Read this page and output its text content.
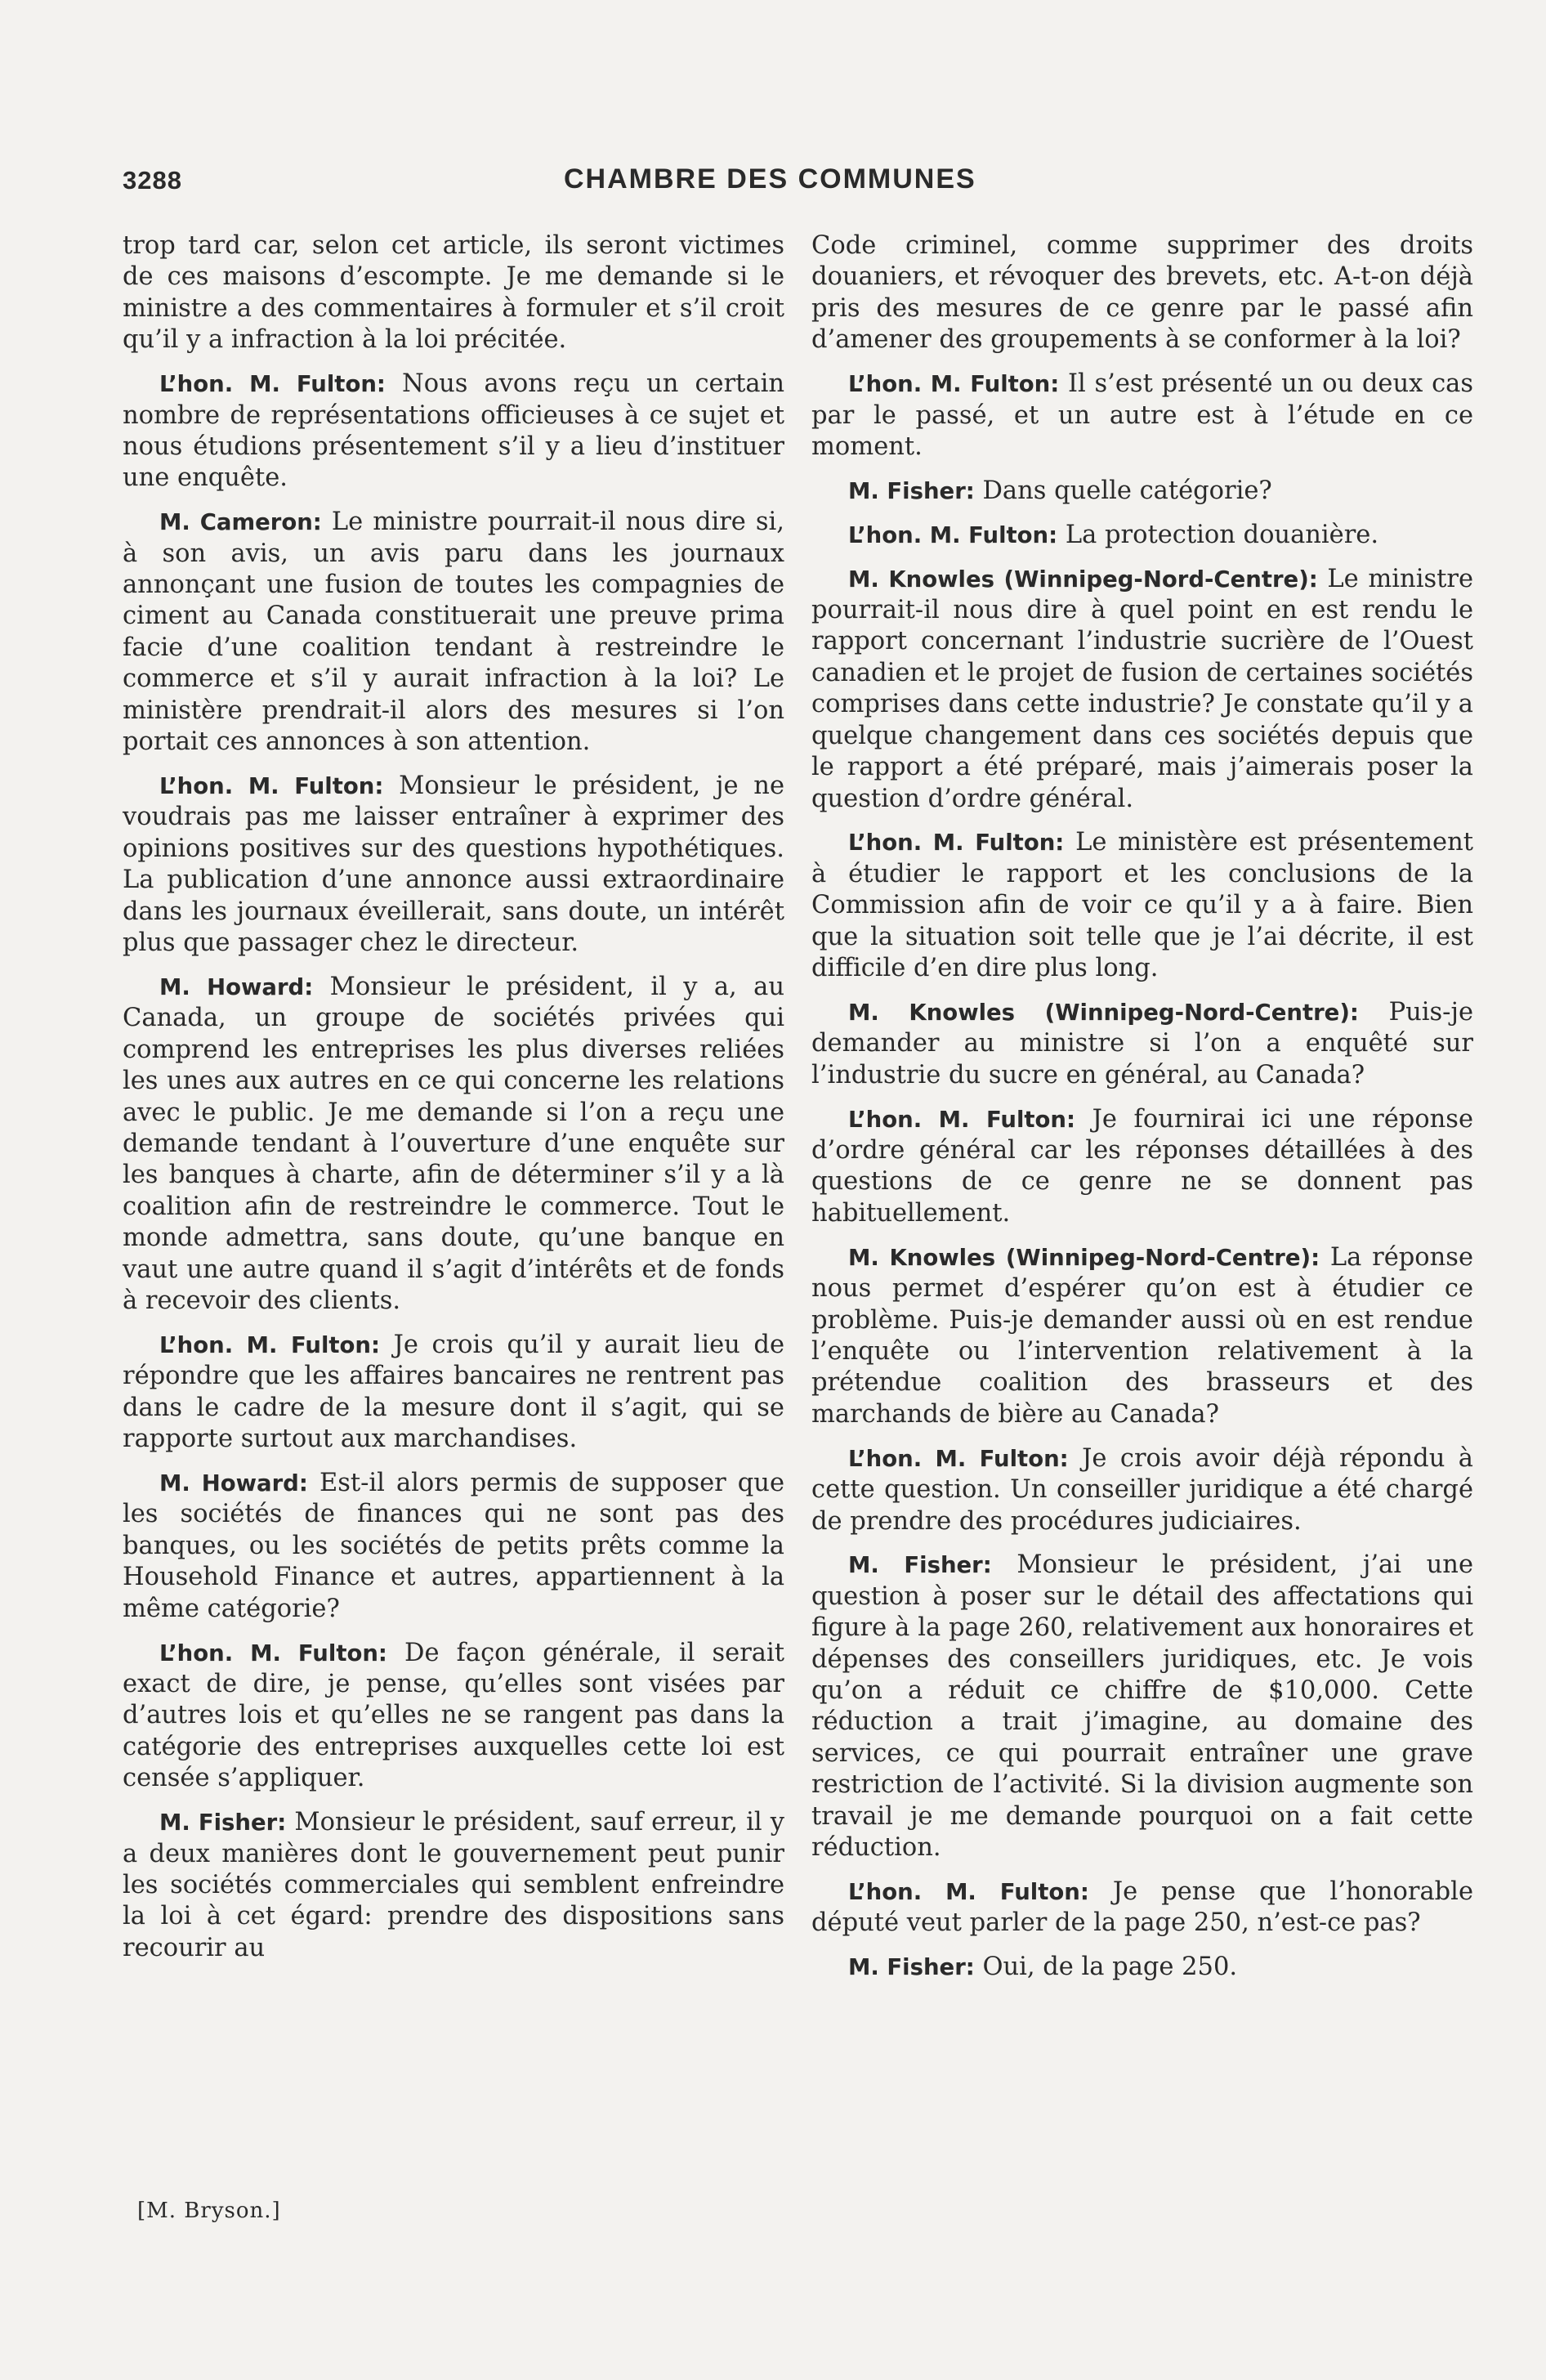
3288	CHAMBRE DES COMMUNES

trop tard car, selon cet article, ils seront victimes de ces maisons d’escompte. Je me demande si le ministre a des commentaires à formuler et s’il croit qu’il y a infraction à la loi précitée.

L’hon. M. Fulton: Nous avons reçu un certain nombre de représentations officieuses à ce sujet et nous étudions présentement s’il y a lieu d’instituer une enquête.

M. Cameron: Le ministre pourrait-il nous dire si, à son avis, un avis paru dans les journaux annonçant une fusion de toutes les compagnies de ciment au Canada constituerait une preuve prima facie d’une coalition tendant à restreindre le commerce et s’il y aurait infraction à la loi? Le ministère prendrait-il alors des mesures si l’on portait ces annonces à son attention.

L’hon. M. Fulton: Monsieur le président, je ne voudrais pas me laisser entraîner à exprimer des opinions positives sur des questions hypothétiques. La publication d’une annonce aussi extraordinaire dans les journaux éveillerait, sans doute, un intérêt plus que passager chez le directeur.

M. Howard: Monsieur le président, il y a, au Canada, un groupe de sociétés privées qui comprend les entreprises les plus diverses reliées les unes aux autres en ce qui concerne les relations avec le public. Je me demande si l’on a reçu une demande tendant à l’ouverture d’une enquête sur les banques à charte, afin de déterminer s’il y a là coalition afin de restreindre le commerce. Tout le monde admettra, sans doute, qu’une banque en vaut une autre quand il s’agit d’intérêts et de fonds à recevoir des clients.

L’hon. M. Fulton: Je crois qu’il y aurait lieu de répondre que les affaires bancaires ne rentrent pas dans le cadre de la mesure dont il s’agit, qui se rapporte surtout aux marchandises.

M. Howard: Est-il alors permis de supposer que les sociétés de finances qui ne sont pas des banques, ou les sociétés de petits prêts comme la Household Finance et autres, appartiennent à la même catégorie?

L’hon. M. Fulton: De façon générale, il serait exact de dire, je pense, qu’elles sont visées par d’autres lois et qu’elles ne se rangent pas dans la catégorie des entreprises auxquelles cette loi est censée s’appliquer.

M. Fisher: Monsieur le président, sauf erreur, il y a deux manières dont le gouvernement peut punir les sociétés commerciales qui semblent enfreindre la loi à cet égard: prendre des dispositions sans recourir au

Code criminel, comme supprimer des droits douaniers, et révoquer des brevets, etc. A-t-on déjà pris des mesures de ce genre par le passé afin d’amener des groupements à se conformer à la loi?

L’hon. M. Fulton: Il s’est présenté un ou deux cas par le passé, et un autre est à l’étude en ce moment.

M. Fisher: Dans quelle catégorie?

L’hon. M. Fulton: La protection douanière.

M. Knowles (Winnipeg-Nord-Centre): Le ministre pourrait-il nous dire à quel point en est rendu le rapport concernant l’industrie sucrière de l’Ouest canadien et le projet de fusion de certaines sociétés comprises dans cette industrie? Je constate qu’il y a quelque changement dans ces sociétés depuis que le rapport a été préparé, mais j’aimerais poser la question d’ordre général.

L’hon. M. Fulton: Le ministère est présentement à étudier le rapport et les conclusions de la Commission afin de voir ce qu’il y a à faire. Bien que la situation soit telle que je l’ai décrite, il est difficile d’en dire plus long.

M. Knowles (Winnipeg-Nord-Centre): Puis-je demander au ministre si l’on a enquêté sur l’industrie du sucre en général, au Canada?

L’hon. M. Fulton: Je fournirai ici une réponse d’ordre général car les réponses détaillées à des questions de ce genre ne se donnent pas habituellement.

M. Knowles (Winnipeg-Nord-Centre): La réponse nous permet d’espérer qu’on est à étudier ce problème. Puis-je demander aussi où en est rendue l’enquête ou l’intervention relativement à la prétendue coalition des brasseurs et des marchands de bière au Canada?

L’hon. M. Fulton: Je crois avoir déjà répondu à cette question. Un conseiller juridique a été chargé de prendre des procédures judiciaires.

M. Fisher: Monsieur le président, j’ai une question à poser sur le détail des affectations qui figure à la page 260, relativement aux honoraires et dépenses des conseillers juridiques, etc. Je vois qu’on a réduit ce chiffre de $10,000. Cette réduction a trait j’imagine, au domaine des services, ce qui pourrait entraîner une grave restriction de l’activité. Si la division augmente son travail je me demande pourquoi on a fait cette réduction.

L’hon. M. Fulton: Je pense que l’honorable député veut parler de la page 250, n’est-ce pas?

M. Fisher: Oui, de la page 250.

[M. Bryson.]
